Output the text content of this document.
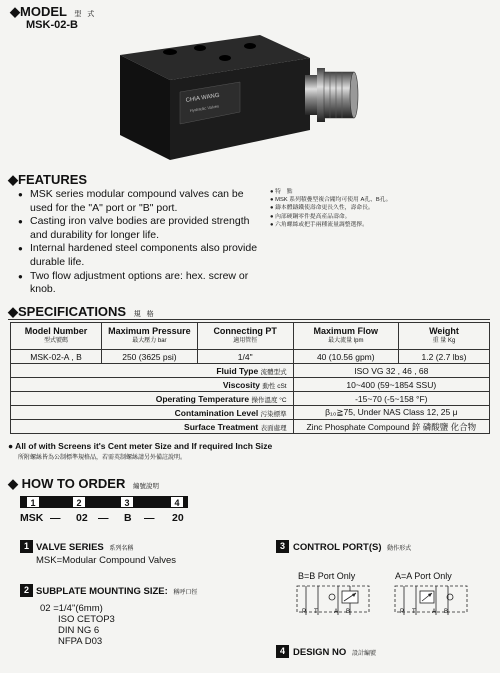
◆MODEL 型 式
MSK-02-B
CHIA WANG
Hydraulic Valves
◆FEATURES
● MSK series modular compound valves can be used for the "A" port or "B" port.
● Casting iron valve bodies are provided strength and durability for longer life.
● Internal hardened steel components also provide durable life.
● Two flow adjustment options are: hex. screw or knob.
● 特　點
● MSK 系列積疊型複合閥均可使用 A孔、B孔。
● 鑄本體鑄鐵使壽命更長久性，壽命長。
● 內部硬鋼零件提高產品壽命。
● 六角螺絲或把手兩種流量調整選擇。
◆SPECIFICATIONS 規 格
Model Number
型式號碼	Maximum Pressure
最大壓力 bar	Connecting PT
適用管徑	Maximum Flow
最大流量 lpm	Weight
重 量 Kg

MSK-02-A , B	250 (3625 psi)	1/4"	40 (10.56 gpm)	1.2 (2.7 lbs)
Fluid Type 流體型式			ISO VG 32 , 46 , 68	
Viscosity 動性 cSt			10~400 (59~1854 SSU)	
Operating Temperature 操作溫度 °C			-15~70 (-5~158 °F)	
Contamination Level 污染標準			β₁₀≧75, Under NAS Class 12, 25 μ	
Surface Treatment 表面處理			Zinc Phosphate Compound 鋅 磷酸鹽 化合物	
● All of with Screens it's Cent meter Size and If required Inch Size
所附螺絲皆為公制標準規格品，若需英制螺絲請另外備註說明。
◆ HOW TO ORDER 編號說明
1	2	3	4
MSK — 02 — B — 20
1 VALVE SERIES 系列名稱
MSK=Modular Compound Valves
2 SUBPLATE MOUNTING SIZE: 稱呼口徑
02 =1/4"(6mm)
ISO CETOP3
DIN NG 6
NFPA D03
3 CONTROL PORT(S) 動作形式
B=B Port Only	A=A Port Only
P T	A B	P T	A B
4 DESIGN NO 設計編號
